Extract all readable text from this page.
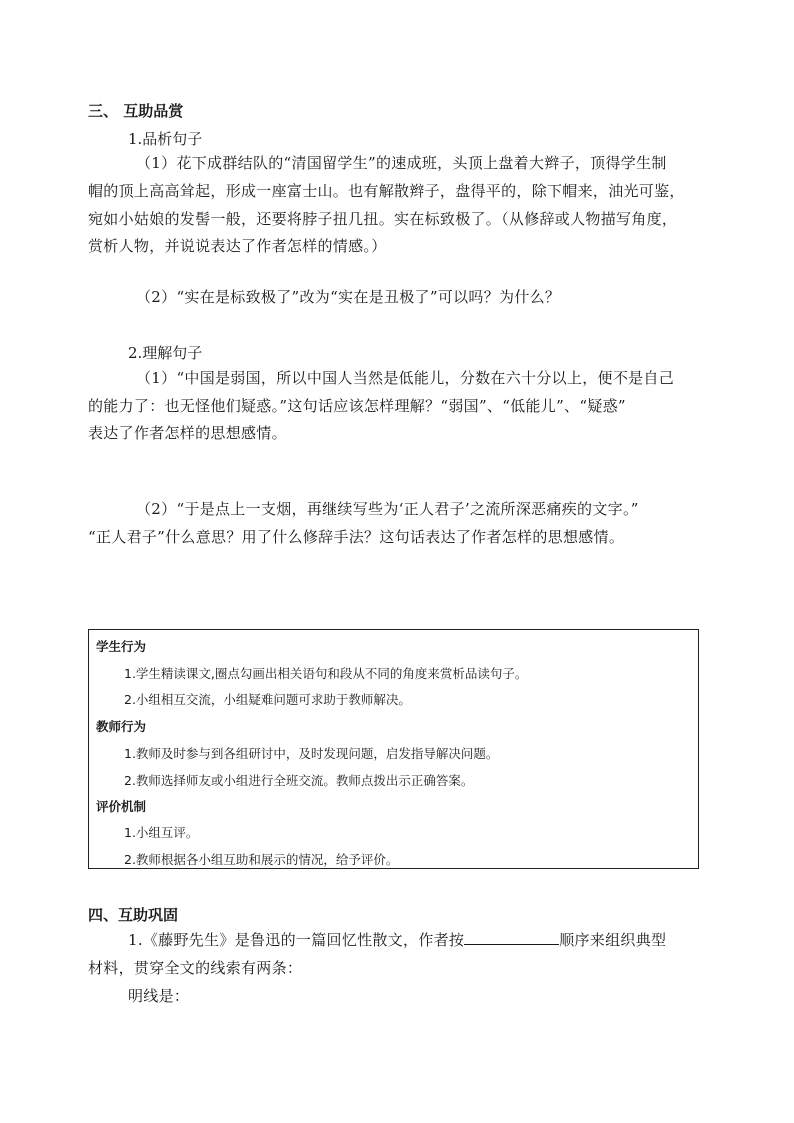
三、 互助品赏
1.品析句子
（1）花下成群结队的“清国留学生”的速成班，头顶上盘着大辫子，顶得学生制
帽的顶上高高耸起，形成一座富士山。也有解散辫子，盘得平的，除下帽来，油光可鉴，
宛如小姑娘的发髻一般，还要将脖子扭几扭。实在标致极了。（从修辞或人物描写角度，
赏析人物，并说说表达了作者怎样的情感。）
（2）“实在是标致极了”改为“实在是丑极了”可以吗？为什么？
2.理解句子
（1）“中国是弱国，所以中国人当然是低能儿，分数在六十分以上，便不是自己
的能力了：也无怪他们疑惑。”这句话应该怎样理解？“弱国”、“低能儿”、“疑惑”
表达了作者怎样的思想感情。
（2）“于是点上一支烟，再继续写些为‘正人君子’之流所深恶痛疾的文字。”
“正人君子”什么意思？用了什么修辞手法？这句话表达了作者怎样的思想感情。
学生行为
1.学生精读课文,圈点勾画出相关语句和段从不同的角度来赏析品读句子。
2.小组相互交流，小组疑难问题可求助于教师解决。
教师行为
1.教师及时参与到各组研讨中，及时发现问题，启发指导解决问题。
2.教师选择师友或小组进行全班交流。教师点拨出示正确答案。
评价机制
1.小组互评。
2.教师根据各小组互助和展示的情况，给予评价。
四、互助巩固
1.《藤野先生》是鲁迅的一篇回忆性散文，作者按	顺序来组织典型
材料，贯穿全文的线索有两条：
明线是：
